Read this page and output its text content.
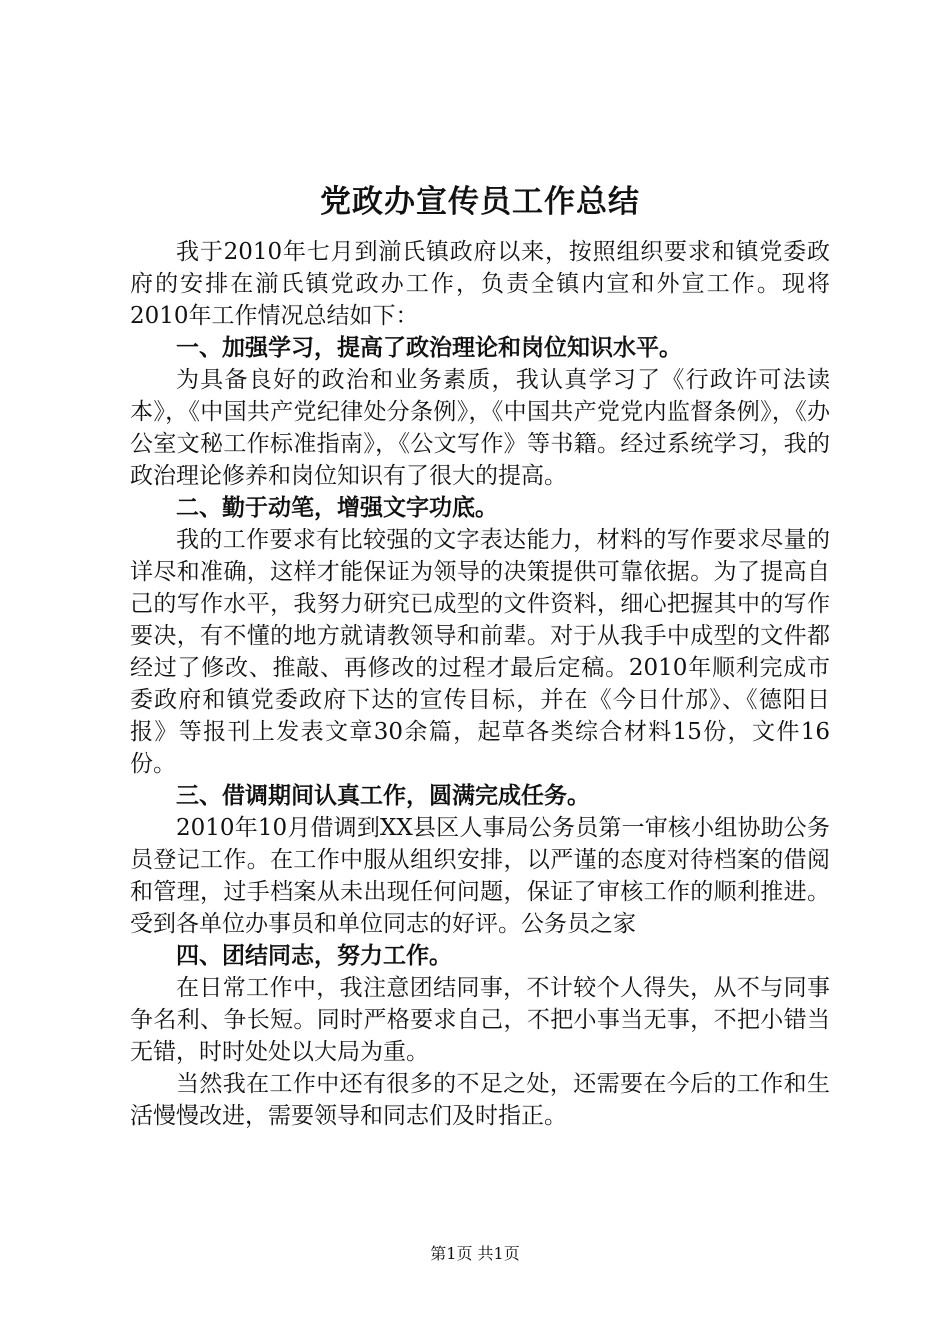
党政办宣传员工作总结

我于2010年七月到湔氏镇政府以来，按照组织要求和镇党委政府的安排在湔氏镇党政办工作，负责全镇内宣和外宣工作。现将2010年工作情况总结如下：

一、加强学习，提高了政治理论和岗位知识水平。

为具备良好的政治和业务素质，我认真学习了《行政许可法读本》，《中国共产党纪律处分条例》，《中国共产党党内监督条例》，《办公室文秘工作标准指南》，《公文写作》等书籍。经过系统学习，我的政治理论修养和岗位知识有了很大的提高。

二、勤于动笔，增强文字功底。

我的工作要求有比较强的文字表达能力，材料的写作要求尽量的详尽和准确，这样才能保证为领导的决策提供可靠依据。为了提高自己的写作水平，我努力研究已成型的文件资料，细心把握其中的写作要决，有不懂的地方就请教领导和前辈。对于从我手中成型的文件都经过了修改、推敲、再修改的过程才最后定稿。2010年顺利完成市委政府和镇党委政府下达的宣传目标，并在《今日什邡》、《德阳日报》等报刊上发表文章30余篇，起草各类综合材料15份，文件16份。

三、借调期间认真工作，圆满完成任务。

2010年10月借调到XX县区人事局公务员第一审核小组协助公务员登记工作。在工作中服从组织安排，以严谨的态度对待档案的借阅和管理，过手档案从未出现任何问题，保证了审核工作的顺利推进。受到各单位办事员和单位同志的好评。公务员之家

四、团结同志，努力工作。

在日常工作中，我注意团结同事，不计较个人得失，从不与同事争名利、争长短。同时严格要求自己，不把小事当无事，不把小错当无错，时时处处以大局为重。

当然我在工作中还有很多的不足之处，还需要在今后的工作和生活慢慢改进，需要领导和同志们及时指正。

第1页 共1页
